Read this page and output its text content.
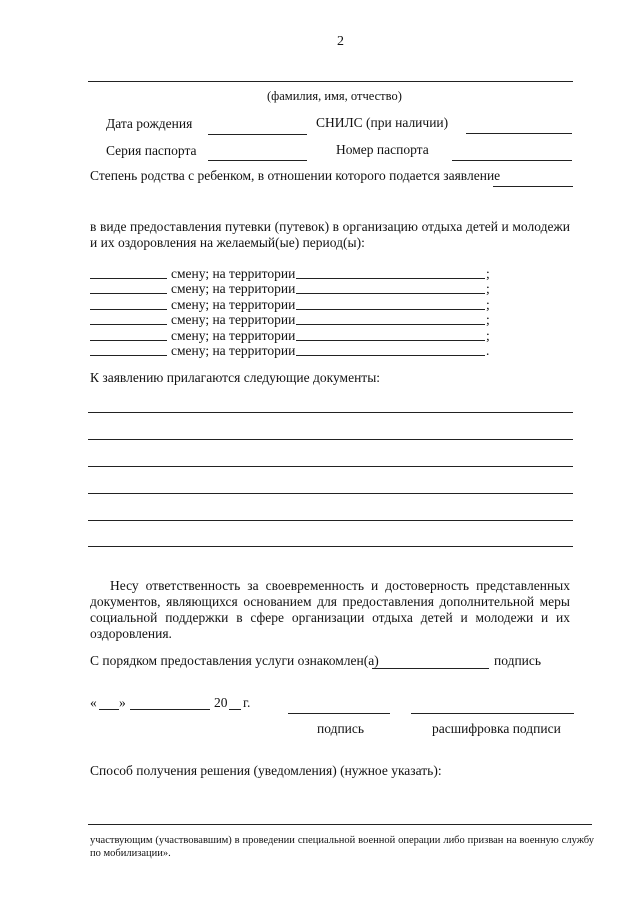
2
(фамилия, имя, отчество)
Дата рождения	СНИЛС (при наличии)
Серия паспорта	Номер паспорта
Степень родства с ребенком, в отношении которого подается заявление
в виде предоставления путевки (путевок) в организацию отдыха детей и молодежи и их оздоровления на желаемый(ые) период(ы):
смену; на территории	;
смену; на территории	;
смену; на территории	;
смену; на территории	;
смену; на территории	;
смену; на территории	.
К заявлению прилагаются следующие документы:
Несу ответственность за своевременность и достоверность представленных документов, являющихся основанием для предоставления дополнительной меры социальной поддержки в сфере организации отдыха детей и молодежи и их оздоровления.
С порядком предоставления услуги ознакомлен(а)	подпись
« »	20 г.
подпись	расшифровка подписи
Способ получения решения (уведомления) (нужное указать):
участвующим (участвовавшим) в проведении специальной военной операции либо призван на военную службу по мобилизации».
